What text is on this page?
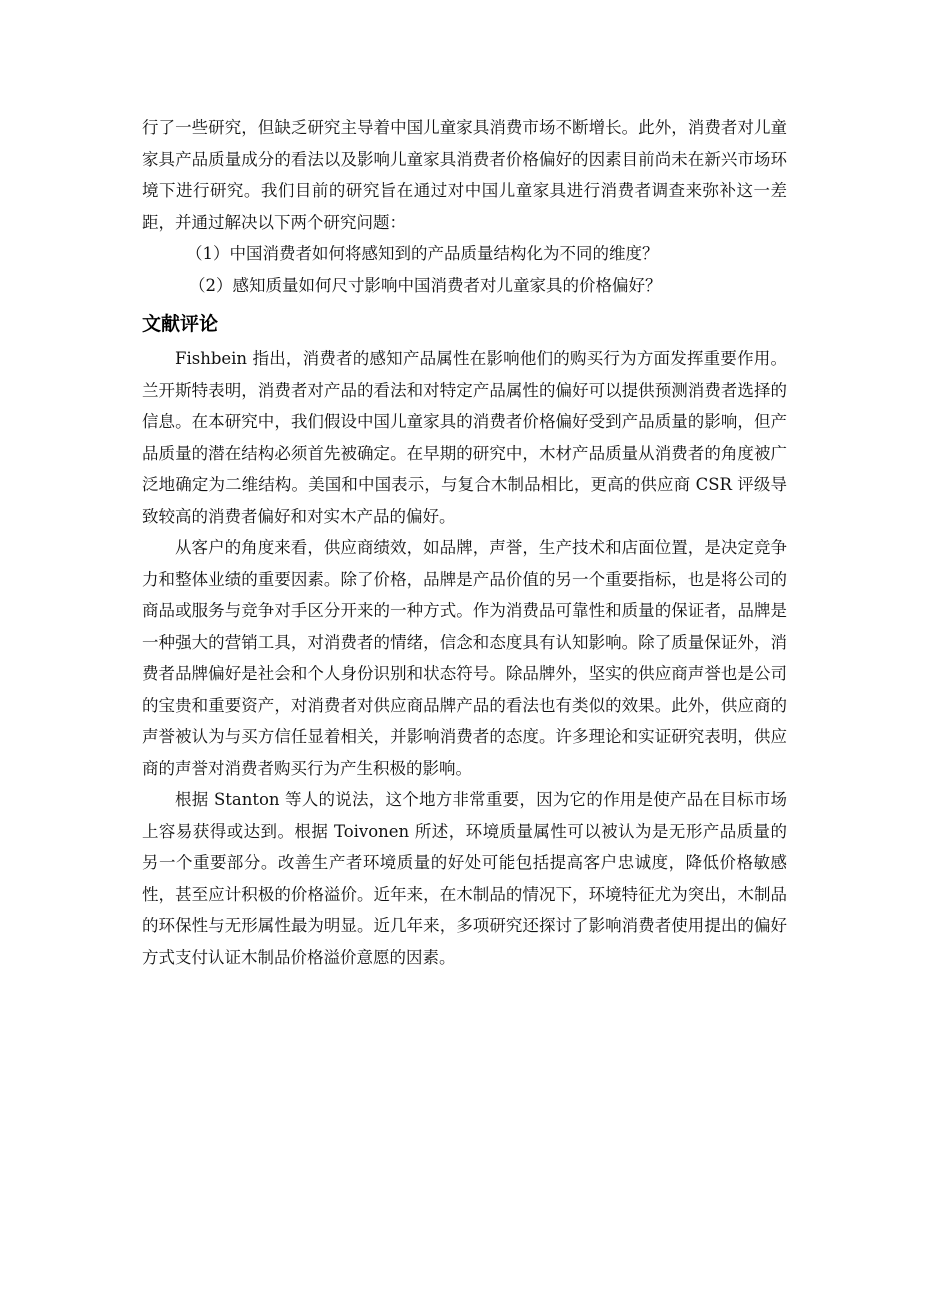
行了一些研究，但缺乏研究主导着中国儿童家具消费市场不断增长。此外，消费者对儿童家具产品质量成分的看法以及影响儿童家具消费者价格偏好的因素目前尚未在新兴市场环境下进行研究。我们目前的研究旨在通过对中国儿童家具进行消费者调查来弥补这一差距，并通过解决以下两个研究问题：

（1）中国消费者如何将感知到的产品质量结构化为不同的维度？
（2）感知质量如何尺寸影响中国消费者对儿童家具的价格偏好？
文献评论

Fishbein 指出，消费者的感知产品属性在影响他们的购买行为方面发挥重要作用。兰开斯特表明，消费者对产品的看法和对特定产品属性的偏好可以提供预测消费者选择的信息。在本研究中，我们假设中国儿童家具的消费者价格偏好受到产品质量的影响，但产品质量的潜在结构必须首先被确定。在早期的研究中，木材产品质量从消费者的角度被广泛地确定为二维结构。美国和中国表示，与复合木制品相比，更高的供应商 CSR 评级导致较高的消费者偏好和对实木产品的偏好。

从客户的角度来看，供应商绩效，如品牌，声誉，生产技术和店面位置，是决定竞争力和整体业绩的重要因素。除了价格，品牌是产品价值的另一个重要指标，也是将公司的商品或服务与竞争对手区分开来的一种方式。作为消费品可靠性和质量的保证者，品牌是一种强大的营销工具，对消费者的情绪，信念和态度具有认知影响。除了质量保证外，消费者品牌偏好是社会和个人身份识别和状态符号。除品牌外，坚实的供应商声誉也是公司的宝贵和重要资产，对消费者对供应商品牌产品的看法也有类似的效果。此外，供应商的声誉被认为与买方信任显着相关，并影响消费者的态度。许多理论和实证研究表明，供应商的声誉对消费者购买行为产生积极的影响。

根据 Stanton 等人的说法，这个地方非常重要，因为它的作用是使产品在目标市场上容易获得或达到。根据 Toivonen 所述，环境质量属性可以被认为是无形产品质量的另一个重要部分。改善生产者环境质量的好处可能包括提高客户忠诚度，降低价格敏感性，甚至应计积极的价格溢价。近年来，在木制品的情况下，环境特征尤为突出，木制品的环保性与无形属性最为明显。近几年来，多项研究还探讨了影响消费者使用提出的偏好方式支付认证木制品价格溢价意愿的因素。
